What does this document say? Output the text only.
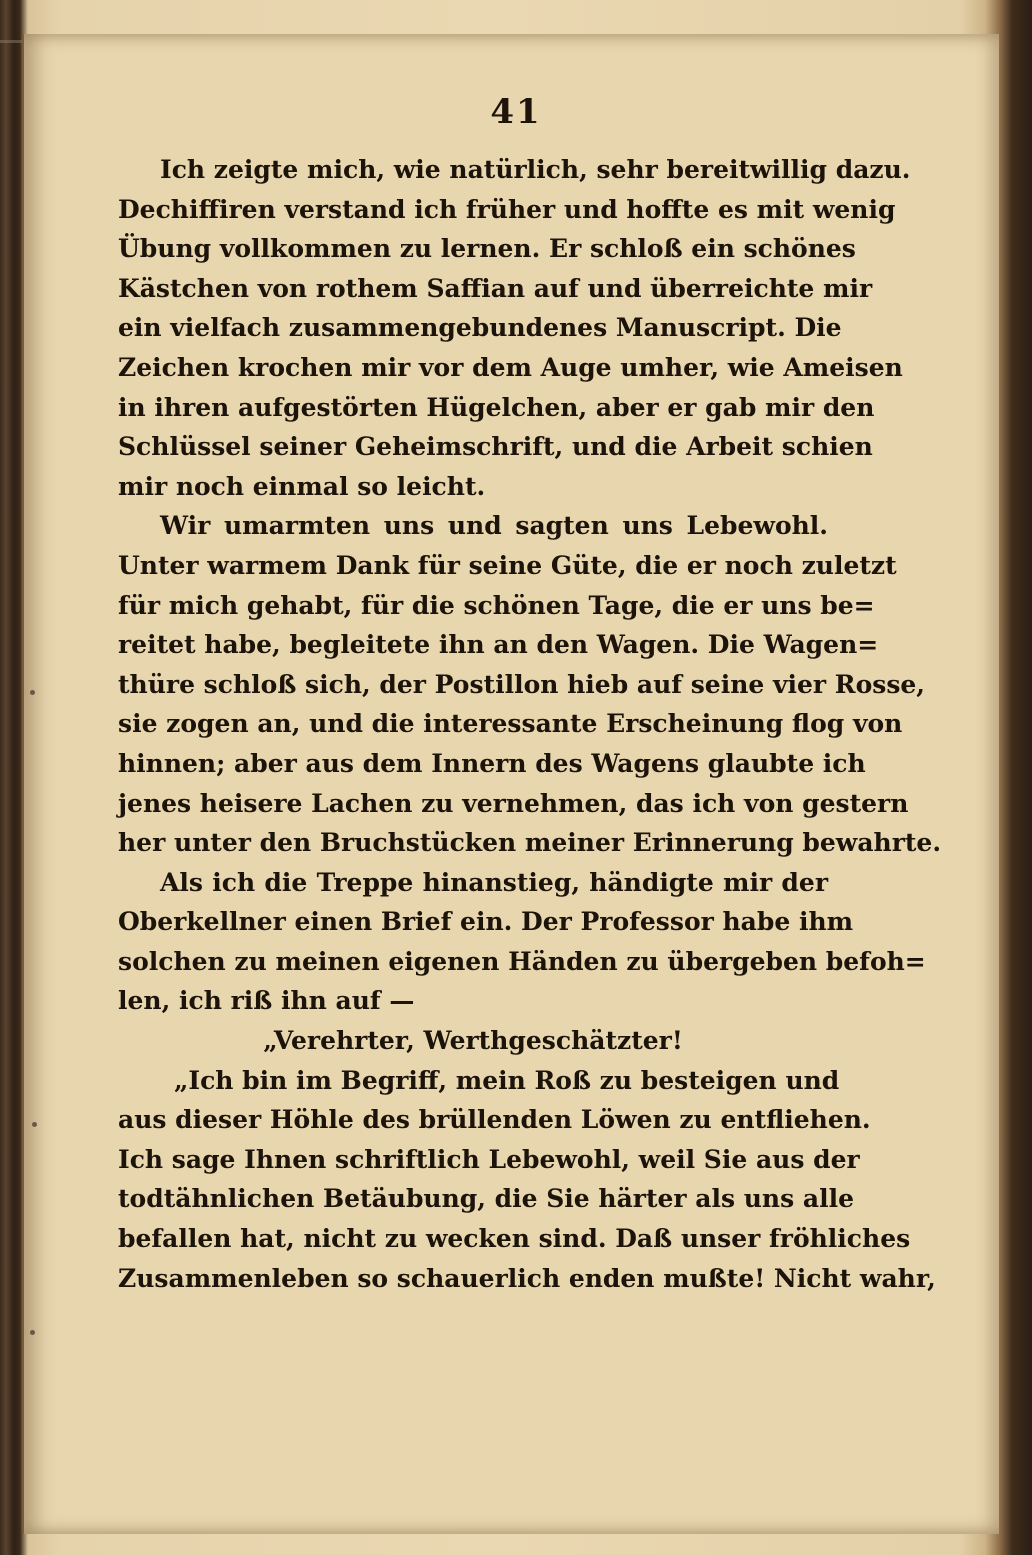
41
Ich zeigte mich, wie natürlich, sehr bereitwillig dazu.
Dechiffiren verstand ich früher und hoffte es mit wenig
Übung vollkommen zu lernen. Er schloß ein schönes
Kästchen von rothem Saffian auf und überreichte mir
ein vielfach zusammengebundenes Manuscript. Die
Zeichen krochen mir vor dem Auge umher, wie Ameisen
in ihren aufgestörten Hügelchen, aber er gab mir den
Schlüssel seiner Geheimschrift, und die Arbeit schien
mir noch einmal so leicht.
Wir umarmten uns und sagten uns Lebewohl.
Unter warmem Dank für seine Güte, die er noch zuletzt
für mich gehabt, für die schönen Tage, die er uns be=
reitet habe, begleitete ihn an den Wagen. Die Wagen=
thüre schloß sich, der Postillon hieb auf seine vier Rosse,
sie zogen an, und die interessante Erscheinung flog von
hinnen; aber aus dem Innern des Wagens glaubte ich
jenes heisere Lachen zu vernehmen, das ich von gestern
her unter den Bruchstücken meiner Erinnerung bewahrte.
Als ich die Treppe hinanstieg, händigte mir der
Oberkellner einen Brief ein. Der Professor habe ihm
solchen zu meinen eigenen Händen zu übergeben befoh=
len, ich riß ihn auf —
„Verehrter, Werthgeschätzter!
„Ich bin im Begriff, mein Roß zu besteigen und
aus dieser Höhle des brüllenden Löwen zu entfliehen.
Ich sage Ihnen schriftlich Lebewohl, weil Sie aus der
todtähnlichen Betäubung, die Sie härter als uns alle
befallen hat, nicht zu wecken sind. Daß unser fröhliches
Zusammenleben so schauerlich enden mußte! Nicht wahr,
